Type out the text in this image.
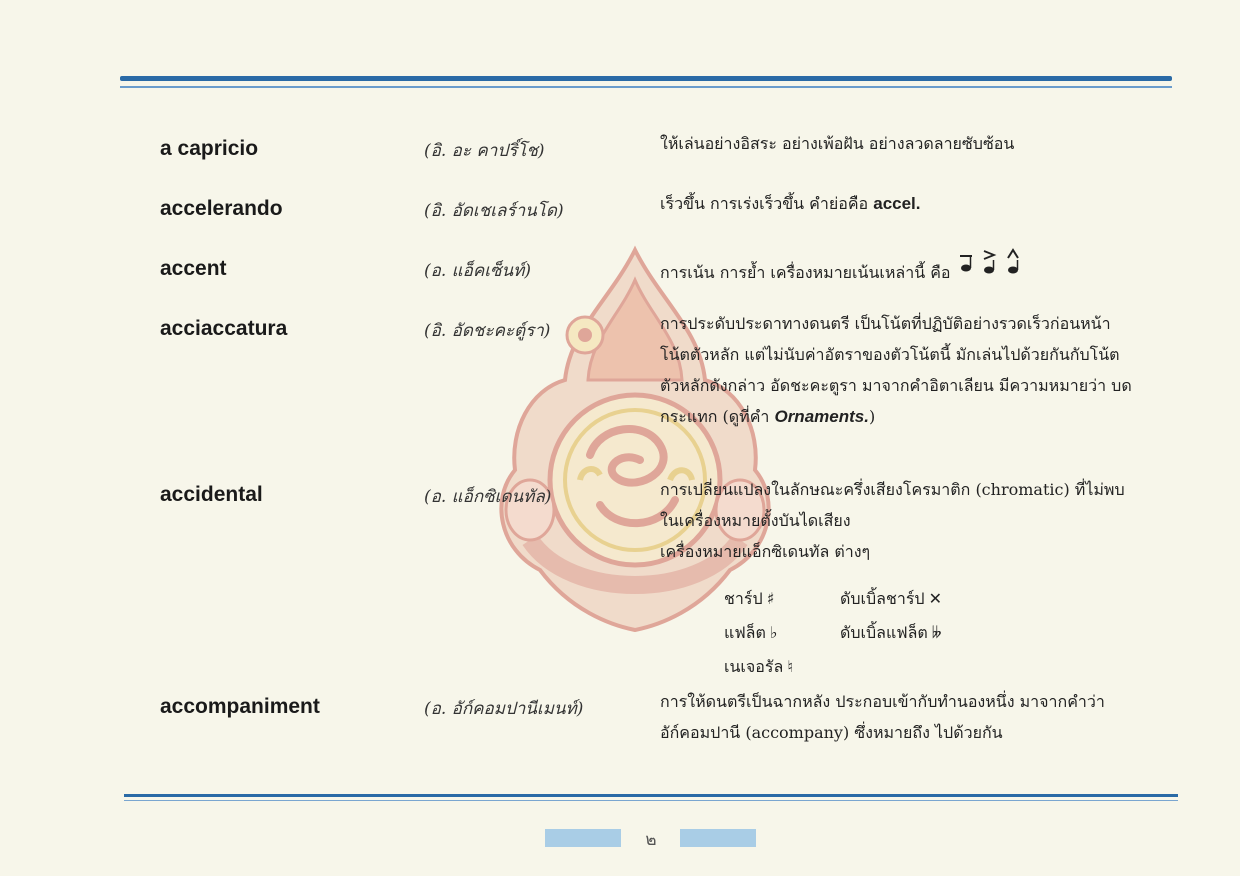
a capricio	(อิ. อะ คาปริ์โช)	ให้เล่นอย่างอิสระ อย่างเพ้อฝัน อย่างลวดลายซับซ้อน
accelerando	(อิ. อัดเชเลร์านโด)	เร็วขึ้น การเร่งเร็วขึ้น คำย่อคือ accel.
accent	(อ. แอ็คเซ็นท์)	การเน้น การย้ำ เครื่องหมายเน้นเหล่านี้ คือ
acciaccatura	(อิ. อัดชะคะตู์รา)	การประดับประดาทางดนตรี เป็นโน้ตที่ปฏิบัติอย่างรวดเร็วก่อนหน้า
โน้ตตัวหลัก แต่ไม่นับค่าอัตราของตัวโน้ตนี้ มักเล่นไปด้วยกันกับโน้ต
ตัวหลักดังกล่าว อัดชะคะตูรา มาจากคำอิตาเลียน มีความหมายว่า บด
กระแทก (ดูที่คำ Ornaments.)
accidental	(อ. แอ็กซิเดนทัล)	การเปลี่ยนแปลงในลักษณะครึ่งเสียงโครมาติก (chromatic) ที่ไม่พบ
ในเครื่องหมายตั้งบันไดเสียง
เครื่องหมายแอ็กซิเดนทัล ต่างๆ
ชาร์ป ♯	ดับเบิ้ลชาร์ป ✕
แฟล็ต ♭	ดับเบิ้ลแฟล็ต 𝄫
เนเจอรัล ♮
accompaniment	(อ. อัก์คอมปานีเมนท์)	การให้ดนตรีเป็นฉากหลัง ประกอบเข้ากับทำนองหนึ่ง มาจากคำว่า
อัก์คอมปานี (accompany) ซึ่งหมายถึง ไปด้วยกัน
๒
